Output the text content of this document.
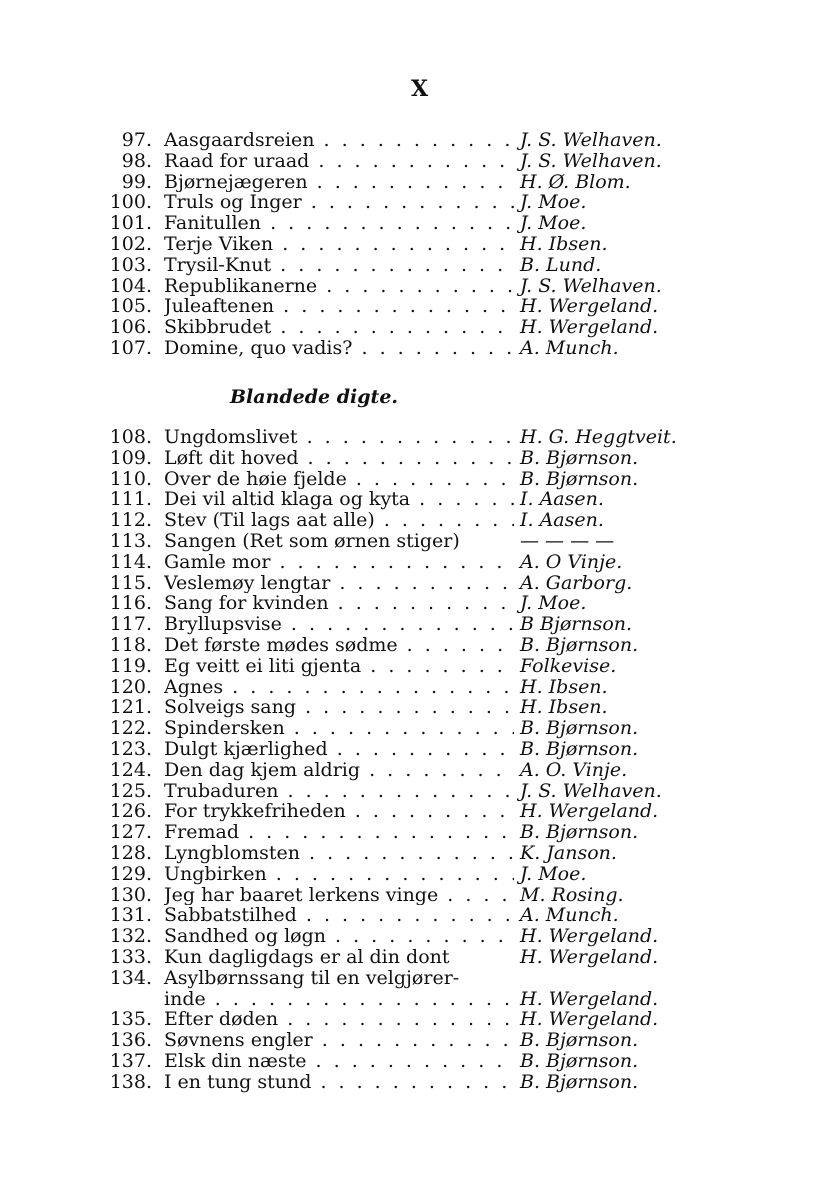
X
97. Aasgaardsreien . . .	J. S. Welhaven.
98. Raad for uraad . . .	J. S. Welhaven.
99. Bjørnejægeren . . .	H. Ø. Blom.
100. Truls og Inger . . .	J. Moe.
101. Fanitullen . . .	J. Moe.
102. Terje Viken . . .	H. Ibsen.
103. Trysil-Knut . . .	B. Lund.
104. Republikanerne . . .	J. S. Welhaven.
105. Juleaftenen . . .	H. Wergeland.
106. Skibbrudet . . .	H. Wergeland.
107. Domine, quo vadis? . . .	A. Munch.
Blandede digte.
108. Ungdomslivet . . .	H. G. Heggtveit.
109. Løft dit hoved . . .	B. Bjørnson.
110. Over de høie fjelde . . .	B. Bjørnson.
111. Dei vil altid klaga og kyta . . .	I. Aasen.
112. Stev (Til lags aat alle) . . .	I. Aasen.
113. Sangen (Ret som ørnen stiger)	— — — —
114. Gamle mor . . .	A. O Vinje.
115. Veslemøy lengtar . . .	A. Garborg.
116. Sang for kvinden . . .	J. Moe.
117. Bryllupsvise . . .	B Bjørnson.
118. Det første mødes sødme . . .	B. Bjørnson.
119. Eg veitt ei liti gjenta . . .	Folkevise.
120. Agnes . . .	H. Ibsen.
121. Solveigs sang . . .	H. Ibsen.
122. Spindersken . . .	B. Bjørnson.
123. Dulgt kjærlighed . . .	B. Bjørnson.
124. Den dag kjem aldrig . . .	A. O. Vinje.
125. Trubaduren . . .	J. S. Welhaven.
126. For trykkefriheden . . .	H. Wergeland.
127. Fremad . . .	B. Bjørnson.
128. Lyngblomsten . . .	K. Janson.
129. Ungbirken . . .	J. Moe.
130. Jeg har baaret lerkens vinge . . .	M. Rosing.
131. Sabbatstilhed . . .	A. Munch.
132. Sandhed og løgn . . .	H. Wergeland.
133. Kun dagligdags er al din dont	H. Wergeland.
134. Asylbørnssang til en velgjører-
inde . . .	H. Wergeland.
135. Efter døden . . .	H. Wergeland.
136. Søvnens engler . . .	B. Bjørnson.
137. Elsk din næste . . .	B. Bjørnson.
138. I en tung stund . . .	B. Bjørnson.
